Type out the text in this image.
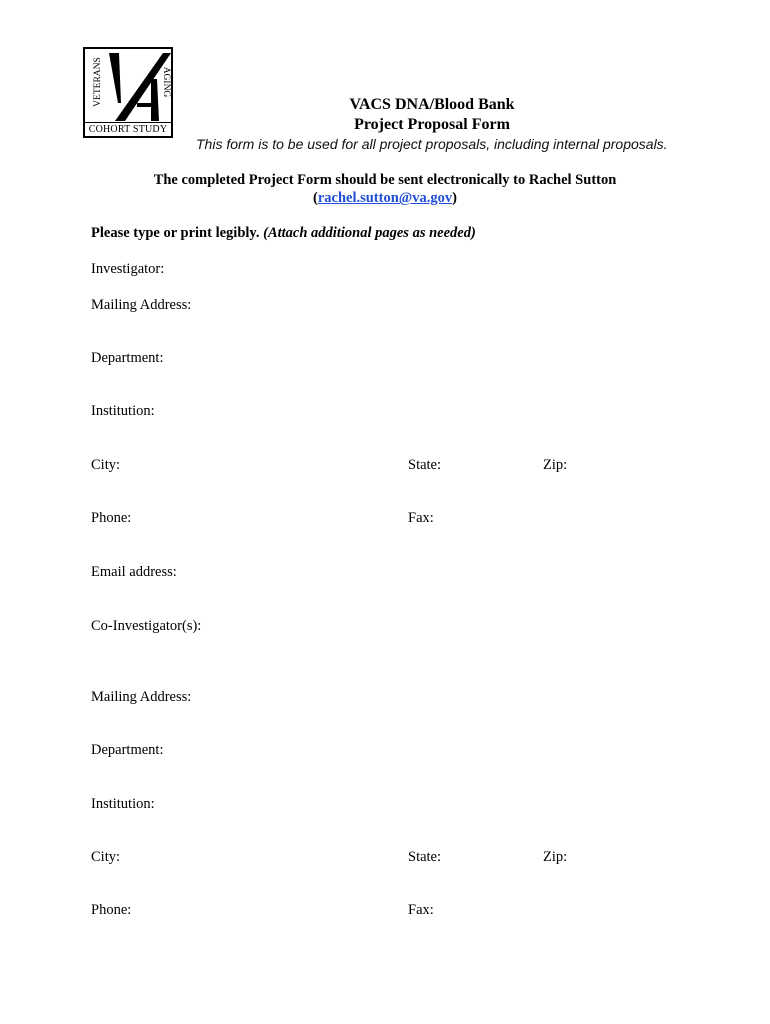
VETERANS	AGING
COHORT STUDY
VACS DNA/Blood Bank
Project Proposal Form
This form is to be used for all project proposals, including internal proposals.
The completed Project Form should be sent electronically to Rachel Sutton
(rachel.sutton@va.gov)
Please type or print legibly. (Attach additional pages as needed)
Investigator:
Mailing Address:
Department:
Institution:
City:	State:	Zip:
Phone:	Fax:
Email address:
Co-Investigator(s):
Mailing Address:
Department:
Institution:
City:	State:	Zip:
Phone:	Fax:
